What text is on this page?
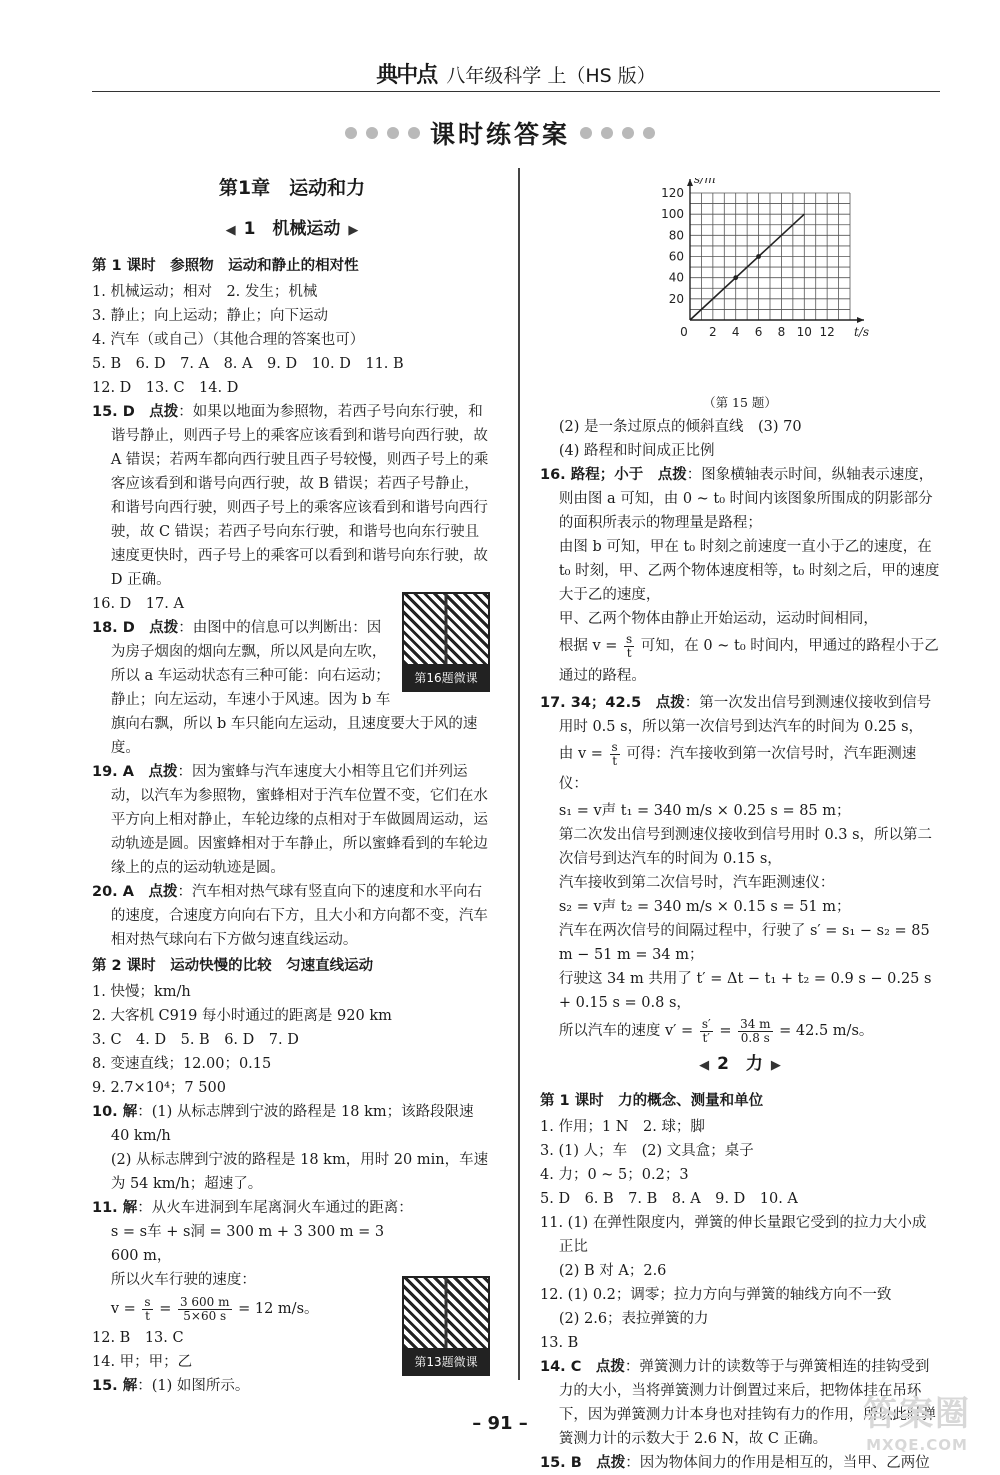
典中点 八年级科学 上（HS 版）
课时练答案
第1章　运动和力
◀ 1　 机械运动 ▶
第 1 课时　参照物　运动和静止的相对性
1. 机械运动；相对　2. 发生；机械
3. 静止；向上运动；静止；向下运动
4. 汽车（或自己）（其他合理的答案也可）
5. B　6. D　7. A　8. A　9. D　10. D　11. B
12. D　13. C　14. D
15. D　 点拨：如果以地面为参照物，若西子号向东行驶，和谐号静止，则西子号上的乘客应该看到和谐号向西行驶，故 A 错误；若两车都向西行驶且西子号较慢，则西子号上的乘客应该看到和谐号向西行驶，故 B 错误；若西子号静止，和谐号向西行驶，则西子号上的乘客应该看到和谐号向西行驶，故 C 错误；若西子号向东行驶，和谐号也向东行驶且速度更快时，西子号上的乘客可以看到和谐号向东行驶，故 D 正确。
第16题微课
16. D　17. A
18. D　 点拨：由图中的信息可以判断出：因为房子烟囱的烟向左飘，所以风是向左吹，所以 a 车运动状态有三种可能：向右运动；静止；向左运动，车速小于风速。因为 b 车旗向右飘，所以 b 车只能向左运动，且速度要大于风的速度。
19. A　 点拨：因为蜜蜂与汽车速度大小相等且它们并列运动，以汽车为参照物，蜜蜂相对于汽车位置不变，它们在水平方向上相对静止，车轮边缘的点相对于车做圆周运动，运动轨迹是圆。因蜜蜂相对于车静止，所以蜜蜂看到的车轮边缘上的点的运动轨迹是圆。
20. A　 点拨：汽车相对热气球有竖直向下的速度和水平向右的速度，合速度方向向右下方，且大小和方向都不变，汽车相对热气球向右下方做匀速直线运动。
第 2 课时　运动快慢的比较　匀速直线运动
1. 快慢；km/h
2. 大客机 C919 每小时通过的距离是 920 km
3. C　4. D　5. B　6. D　7. D
8. 变速直线；12.00；0.15
9. 2.7×10⁴；7 500
10. 解：(1) 从标志牌到宁波的路程是 18 km；该路段限速 40 km/h
(2) 从标志牌到宁波的路程是 18 km，用时 20 min，车速为 54 km/h；超速了。
11. 解：从火车进洞到车尾离洞火车通过的距离：
第13题微课
s = s车 + s洞 = 300 m + 3 300 m = 3 600 m，
所以火车行驶的速度：
$v = \frac{s}{t} = \frac{3 600 m}{5\times 60 s} = 12$ m/s。
12. B　13. C
14. 甲；甲；乙
15. 解：(1) 如图所示。
0 2 4 6 8 10 12
20
40
60
80
100
120
t/s
s/m
（第 15 题）
(2) 是一条过原点的倾斜直线　(3) 70
(4) 路程和时间成正比例
16. 路程；小于　 点拨：图象横轴表示时间，纵轴表示速度，则由图 a 可知，由 0 ~ t₀ 时间内该图象所围成的阴影部分的面积所表示的物理量是路程；
由图 b 可知，甲在 t₀ 时刻之前速度一直小于乙的速度，在 t₀ 时刻，甲、乙两个物体速度相等，t₀ 时刻之后，甲的速度大于乙的速度，
甲、乙两个物体由静止开始运动，运动时间相同，
根据 $v = \frac{s}{t}$ 可知，在 0 ~ t₀ 时间内，甲通过的路程小于乙通过的路程。
17. 34；42.5　 点拨：第一次发出信号到测速仪接收到信号用时 0.5 s，所以第一次信号到达汽车的时间为 0.25 s，
由 $v = \frac{s}{t}$ 可得：汽车接收到第一次信号时，汽车距测速仪：
s₁ = v声 t₁ = 340 m/s × 0.25 s = 85 m；
第二次发出信号到测速仪接收到信号用时 0.3 s，所以第二次信号到达汽车的时间为 0.15 s，
汽车接收到第二次信号时，汽车距测速仪：
s₂ = v声 t₂ = 340 m/s × 0.15 s = 51 m；
汽车在两次信号的间隔过程中，行驶了 s′ = s₁ − s₂ = 85 m − 51 m = 34 m；
行驶这 34 m 共用了 t′ = Δt − t₁ + t₂ = 0.9 s − 0.25 s + 0.15 s = 0.8 s，
所以汽车的速度 $v' = \frac{s'}{t'} = \frac{34 m}{0.8 s} = 42.5$ m/s。
◀ 2　 力 ▶
第 1 课时　力的概念、测量和单位
1. 作用；1 N　2. 球；脚
3. (1) 人；车　(2) 文具盒；桌子
4. 力；0 ~ 5；0.2；3
5. D　6. B　7. B　8. A　9. D　10. A
11. (1) 在弹性限度内，弹簧的伸长量跟它受到的拉力大小成正比
(2) B 对 A；2.6
12. (1) 0.2；调零；拉力方向与弹簧的轴线方向不一致
(2) 2.6；表拉弹簧的力
13. B
14. C　 点拨：弹簧测力计的读数等于与弹簧相连的挂钩受到力的大小，当将弹簧测力计倒置过来后，把物体挂在吊环下，因为弹簧测力计本身也对挂钩有力的作用，所以此时弹簧测力计的示数大于 2.6 N，故 C 正确。
15. B　 点拨：因为物体间力的作用是相互的，当甲、乙两位
– 91 –	答案圈
MXQE.COM
